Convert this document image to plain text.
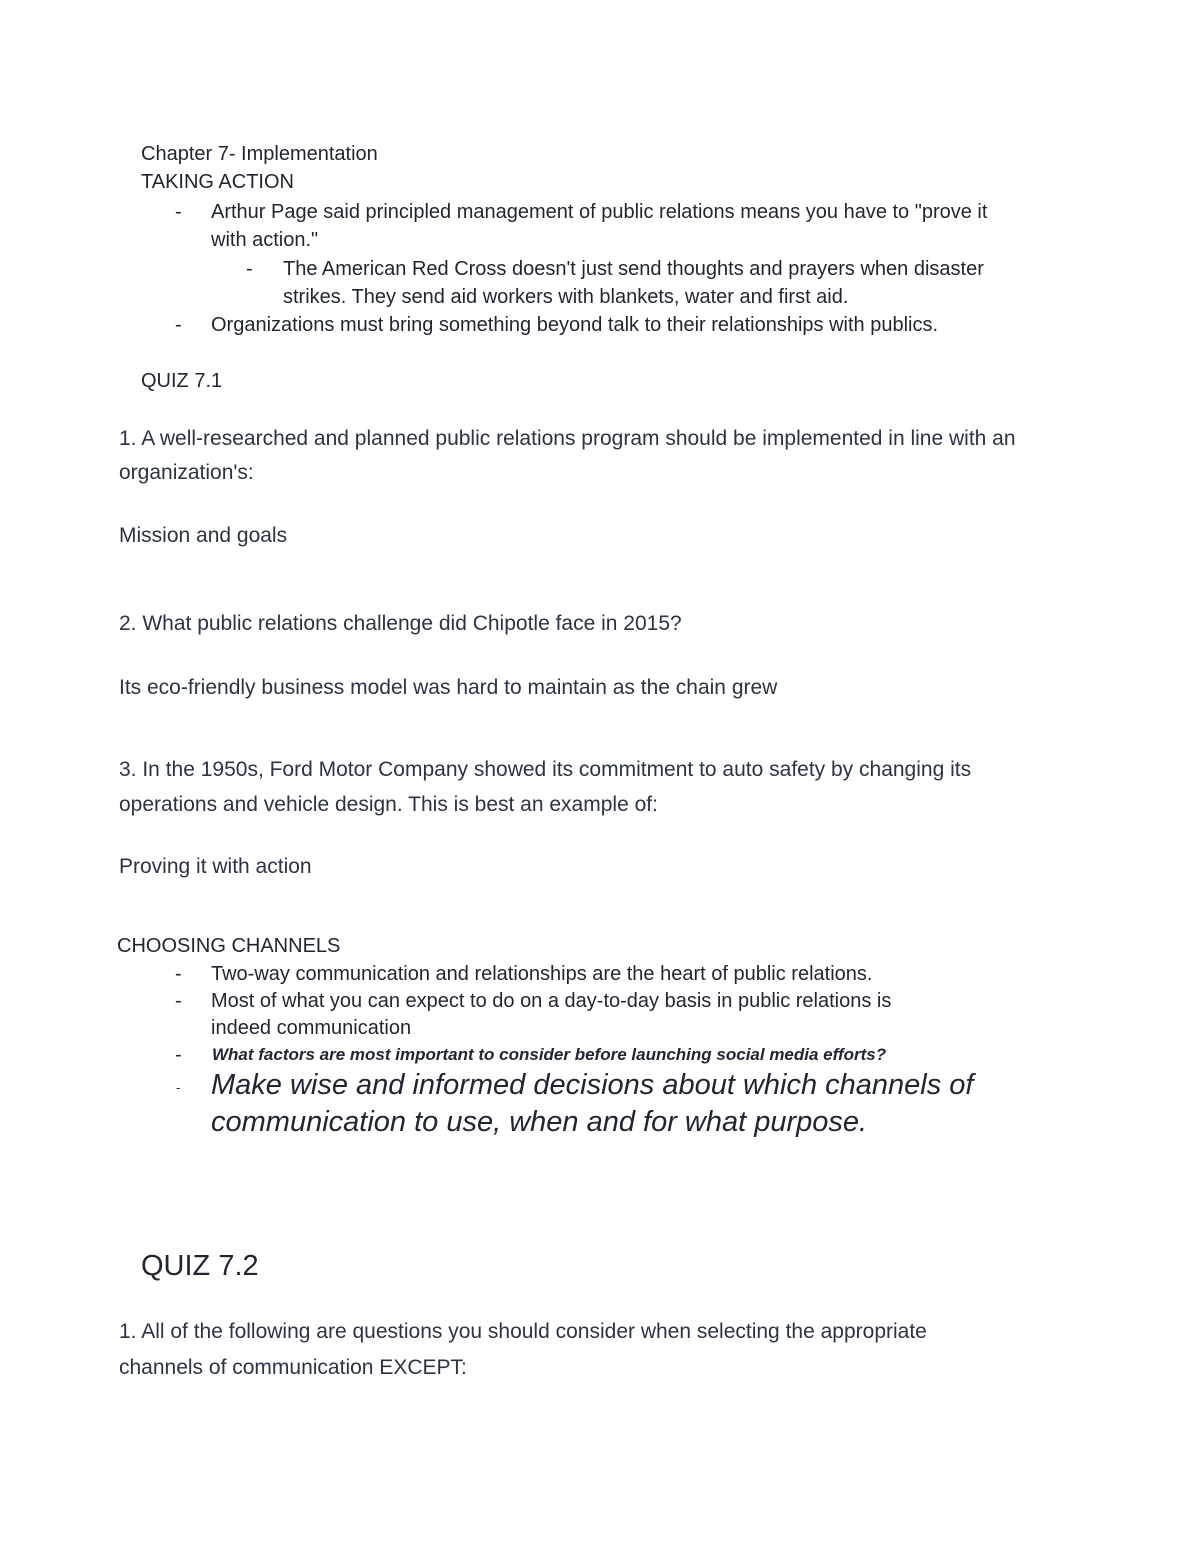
Chapter 7- Implementation
TAKING ACTION
- Arthur Page said principled management of public relations means you have to "prove it
with action."
- The American Red Cross doesn't just send thoughts and prayers when disaster
strikes. They send aid workers with blankets, water and first aid.
- Organizations must bring something beyond talk to their relationships with publics.
QUIZ 7.1
1. A well-researched and planned public relations program should be implemented in line with an
organization's:
Mission and goals
2. What public relations challenge did Chipotle face in 2015?
Its eco-friendly business model was hard to maintain as the chain grew
3. In the 1950s, Ford Motor Company showed its commitment to auto safety by changing its
operations and vehicle design. This is best an example of:
Proving it with action
CHOOSING CHANNELS
- Two-way communication and relationships are the heart of public relations.
- Most of what you can expect to do on a day-to-day basis in public relations is
indeed communication
- What factors are most important to consider before launching social media efforts?
- Make wise and informed decisions about which channels of
communication to use, when and for what purpose.
QUIZ 7.2
1. All of the following are questions you should consider when selecting the appropriate
channels of communication EXCEPT:
